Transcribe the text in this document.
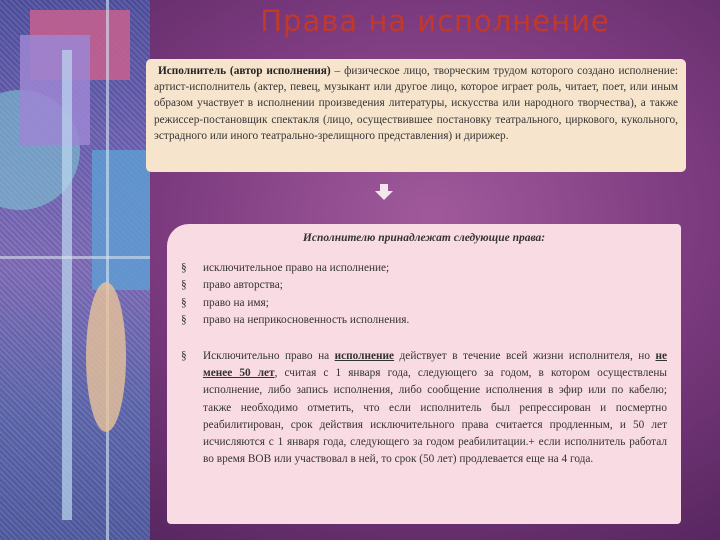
Права на исполнение
Исполнитель (автор исполнения) – физическое лицо, творческим трудом которого создано исполнение: артист-исполнитель (актер, певец, музыкант или другое лицо, которое играет роль, читает, поет, или иным образом участвует в исполнении произведения литературы, искусства или народного творчества), а также режиссер-постановщик спектакля (лицо, осуществившее постановку театрального, циркового, кукольного, эстрадного или иного театрально-зрелищного представления) и дирижер.
Исполнителю принадлежат следующие права:
§ исключительное право на исполнение;
§ право авторства;
§ право на имя;
§ право на неприкосновенность исполнения.
§ Исключительно право на исполнение действует в течение всей жизни исполнителя, но не менее 50 лет, считая с 1 января года, следующего за годом, в котором осуществлены исполнение, либо запись исполнения, либо сообщение исполнения в эфир или по кабелю; также необходимо отметить, что если исполнитель был репрессирован и посмертно реабилитирован, срок действия исключительного права считается продленным, и 50 лет исчисляются с 1 января года, следующего за годом реабилитации.+ если исполнитель работал во время ВОВ или участвовал в ней, то срок (50 лет) продлевается еще на 4 года.
